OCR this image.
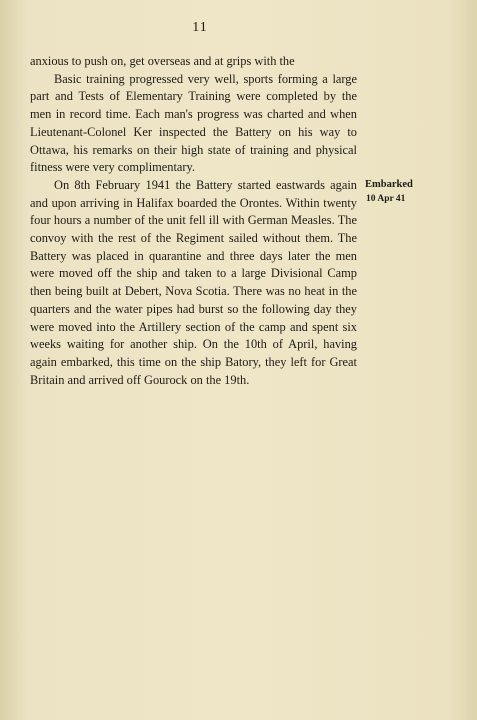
11

anxious to push on, get overseas and at grips with the

Basic training progressed very well, sports forming a large part and Tests of Elementary Training were completed by the men in record time. Each man's progress was charted and when Lieutenant-Colonel Ker inspected the Battery on his way to Ottawa, his remarks on their high state of training and physical fitness were very complimentary.

On 8th February 1941 the Battery started eastwards again and upon arriving in Halifax boarded the Orontes. Within twenty four hours a number of the unit fell ill with German Measles. The convoy with the rest of the Regiment sailed without them. The Battery was placed in quarantine and three days later the men were moved off the ship and taken to a large Divisional Camp then being built at Debert, Nova Scotia. There was no heat in the quarters and the water pipes had burst so the following day they were moved into the Artillery section of the camp and spent six weeks waiting for another ship. On the 10th of April, having again embarked, this time on the ship Batory, they left for Great Britain and arrived off Gourock on the 19th.

Embarked
10 Apr 41
